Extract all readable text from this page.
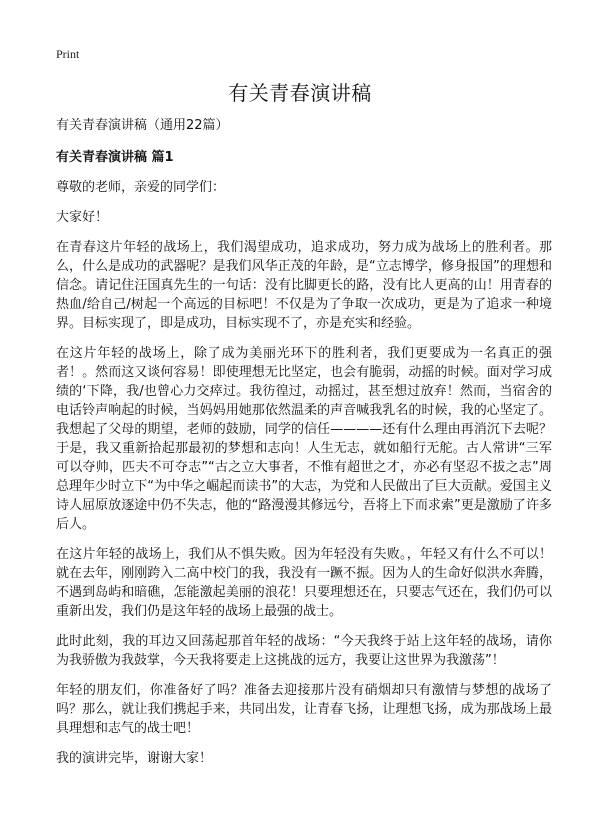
Print
有关青春演讲稿

有关青春演讲稿（通用22篇）

有关青春演讲稿 篇1

尊敬的老师，亲爱的同学们：

大家好！

在青春这片年轻的战场上，我们渴望成功，追求成功，努力成为战场上的胜利者。那么，什么是成功的武器呢？是我们风华正茂的年龄，是“立志博学，修身报国”的理想和信念。请记住汪国真先生的一句话：没有比脚更长的路，没有比人更高的山！用青春的热血/给自己/树起一个高远的目标吧！不仅是为了争取一次成功，更是为了追求一种境界。目标实现了，即是成功，目标实现不了，亦是充实和经验。

在这片年轻的战场上，除了成为美丽光环下的胜利者，我们更要成为一名真正的强者！。然而这又谈何容易！即使理想无比坚定，也会有脆弱，动摇的时候。面对学习成绩的‘下降，我/也曾心力交瘁过。我彷徨过，动摇过，甚至想过放弃！然而，当宿舍的电话铃声响起的时候，当妈妈用她那依然温柔的声音喊我乳名的时候，我的心坚定了。我想起了父母的期望，老师的鼓励，同学的信任————还有什么理由再消沉下去呢？于是，我又重新拾起那最初的梦想和志向！人生无志，就如船行无舵。古人常讲“三军可以夺帅，匹夫不可夺志”“古之立大事者，不惟有超世之才，亦必有坚忍不拔之志”周总理年少时立下“为中华之崛起而读书”的大志，为党和人民做出了巨大贡献。爱国主义诗人屈原放逐途中仍不失志，他的“路漫漫其修远兮，吾将上下而求索”更是激励了许多后人。

在这片年轻的战场上，我们从不惧失败。因为年轻没有失败。，年轻又有什么不可以！就在去年，刚刚跨入二高中校门的我，我没有一蹶不振。因为人的生命好似洪水奔腾，不遇到岛屿和暗礁，怎能激起美丽的浪花！只要理想还在，只要志气还在，我们仍可以重新出发，我们仍是这年轻的战场上最强的战士。

此时此刻，我的耳边又回荡起那首年轻的战场：“今天我终于站上这年轻的战场，请你为我骄傲为我鼓掌，今天我将要走上这挑战的远方，我要让这世界为我激荡”！

年轻的朋友们，你准备好了吗？准备去迎接那片没有硝烟却只有激情与梦想的战场了吗？那么，就让我们携起手来，共同出发，让青春飞扬，让理想飞扬，成为那战场上最具理想和志气的战士吧！

我的演讲完毕，谢谢大家！
